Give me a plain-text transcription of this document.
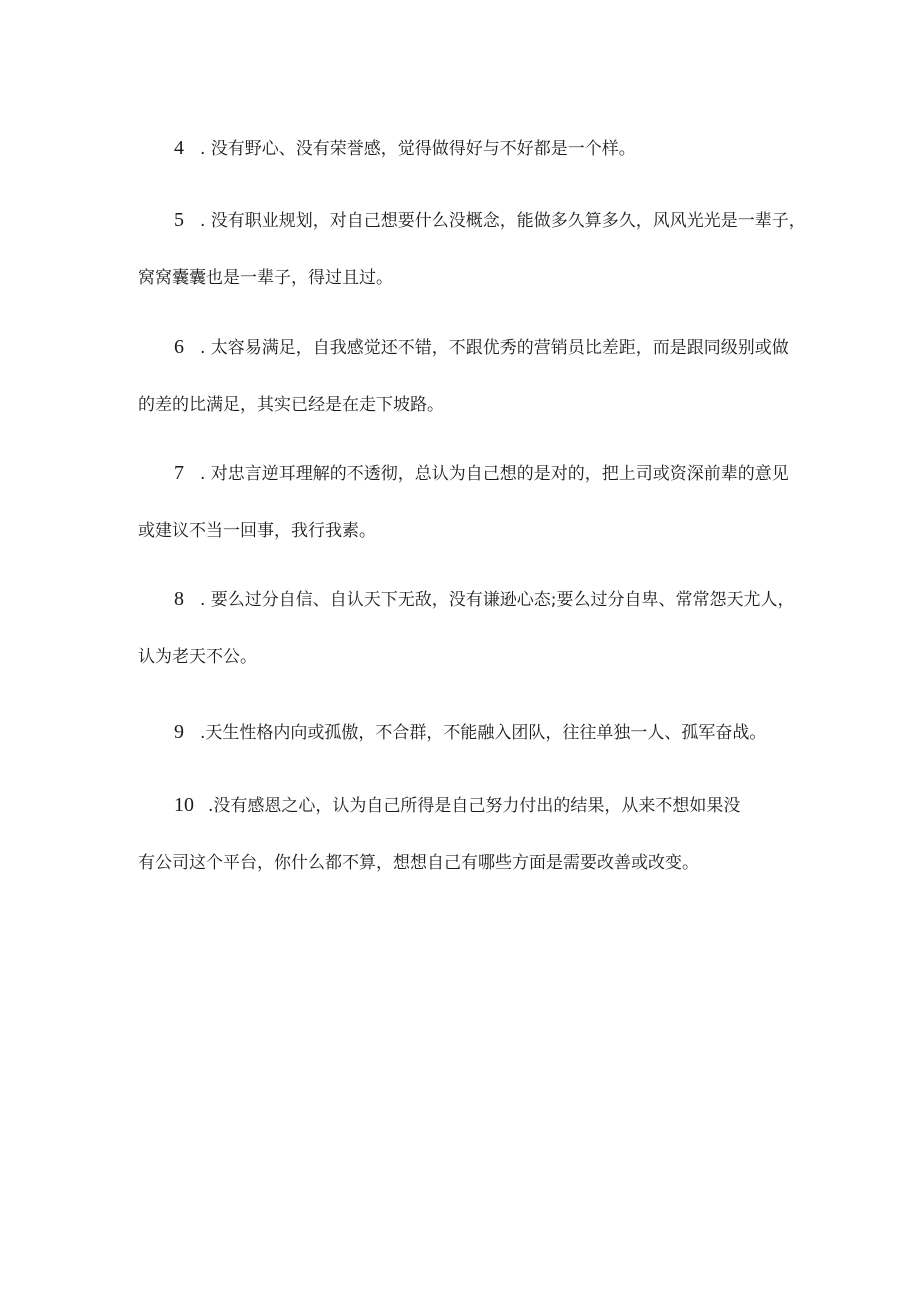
4 . 没有野心、没有荣誉感，觉得做得好与不好都是一个样。
5 . 没有职业规划，对自己想要什么没概念，能做多久算多久，风风光光是一辈子，
窝窝囊囊也是一辈子，得过且过。
6 . 太容易满足，自我感觉还不错，不跟优秀的营销员比差距，而是跟同级别或做
的差的比满足，其实已经是在走下坡路。
7 . 对忠言逆耳理解的不透彻，总认为自己想的是对的，把上司或资深前辈的意见
或建议不当一回事，我行我素。
8 . 要么过分自信、自认天下无敌，没有谦逊心态;要么过分自卑、常常怨天尤人，
认为老天不公。
9 .天生性格内向或孤傲，不合群，不能融入团队，往往单独一人、孤军奋战。
10 .没有感恩之心，认为自己所得是自己努力付出的结果，从来不想如果没
有公司这个平台，你什么都不算，想想自己有哪些方面是需要改善或改变。
